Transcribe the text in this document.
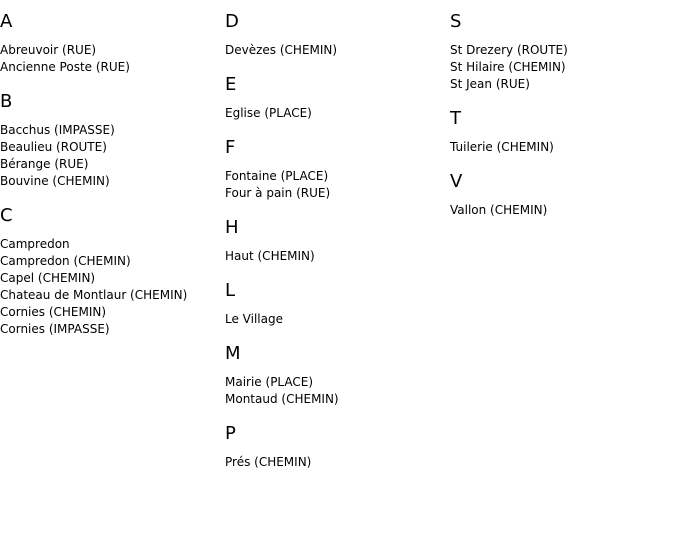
A
Abreuvoir (RUE)
Ancienne Poste (RUE)
B
Bacchus (IMPASSE)
Beaulieu (ROUTE)
Bérange (RUE)
Bouvine (CHEMIN)
C
Campredon
Campredon (CHEMIN)
Capel (CHEMIN)
Chateau de Montlaur (CHEMIN)
Cornies (CHEMIN)
Cornies (IMPASSE)
D
Devèzes (CHEMIN)
E
Eglise (PLACE)
F
Fontaine (PLACE)
Four à pain (RUE)
H
Haut (CHEMIN)
L
Le Village
M
Mairie (PLACE)
Montaud (CHEMIN)
P
Prés (CHEMIN)
S
St Drezery (ROUTE)
St Hilaire (CHEMIN)
St Jean (RUE)
T
Tuilerie (CHEMIN)
V
Vallon (CHEMIN)
